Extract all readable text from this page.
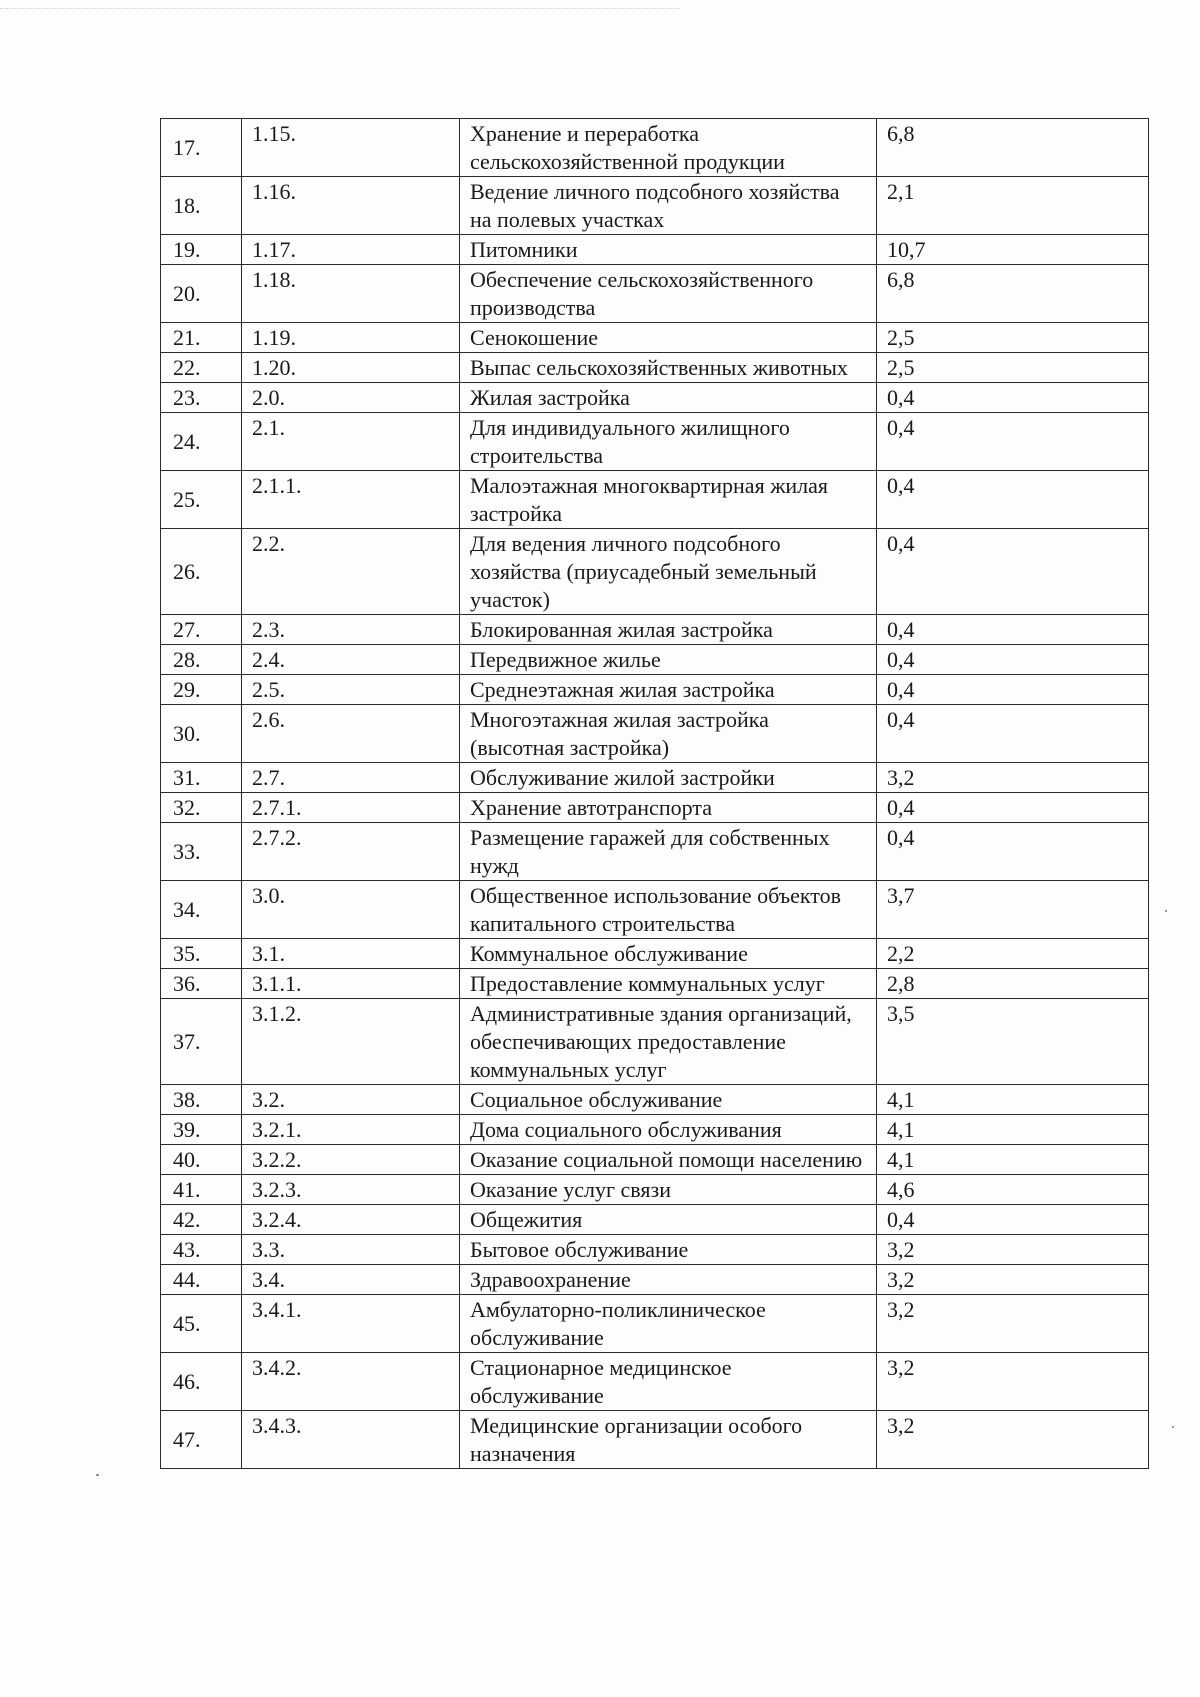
17.	1.15.	Хранение и переработка сельскохозяйственной продукции	6,8
18.	1.16.	Ведение личного подсобного хозяйства на полевых участках	2,1
19.	1.17.	Питомники	10,7
20.	1.18.	Обеспечение сельскохозяйственного производства	6,8
21.	1.19.	Сенокошение	2,5
22.	1.20.	Выпас сельскохозяйственных животных	2,5
23.	2.0.	Жилая застройка	0,4
24.	2.1.	Для индивидуального жилищного строительства	0,4
25.	2.1.1.	Малоэтажная многоквартирная жилая застройка	0,4
26.	2.2.	Для ведения личного подсобного хозяйства (приусадебный земельный участок)	0,4
27.	2.3.	Блокированная жилая застройка	0,4
28.	2.4.	Передвижное жилье	0,4
29.	2.5.	Среднеэтажная жилая застройка	0,4
30.	2.6.	Многоэтажная жилая застройка (высотная застройка)	0,4
31.	2.7.	Обслуживание жилой застройки	3,2
32.	2.7.1.	Хранение автотранспорта	0,4
33.	2.7.2.	Размещение гаражей для собственных нужд	0,4
34.	3.0.	Общественное использование объектов капитального строительства	3,7
35.	3.1.	Коммунальное обслуживание	2,2
36.	3.1.1.	Предоставление коммунальных услуг	2,8
37.	3.1.2.	Административные здания организаций, обеспечивающих предоставление коммунальных услуг	3,5
38.	3.2.	Социальное обслуживание	4,1
39.	3.2.1.	Дома социального обслуживания	4,1
40.	3.2.2.	Оказание социальной помощи населению	4,1
41.	3.2.3.	Оказание услуг связи	4,6
42.	3.2.4.	Общежития	0,4
43.	3.3.	Бытовое обслуживание	3,2
44.	3.4.	Здравоохранение	3,2
45.	3.4.1.	Амбулаторно-поликлиническое обслуживание	3,2
46.	3.4.2.	Стационарное медицинское обслуживание	3,2
47.	3.4.3.	Медицинские организации особого назначения	3,2
